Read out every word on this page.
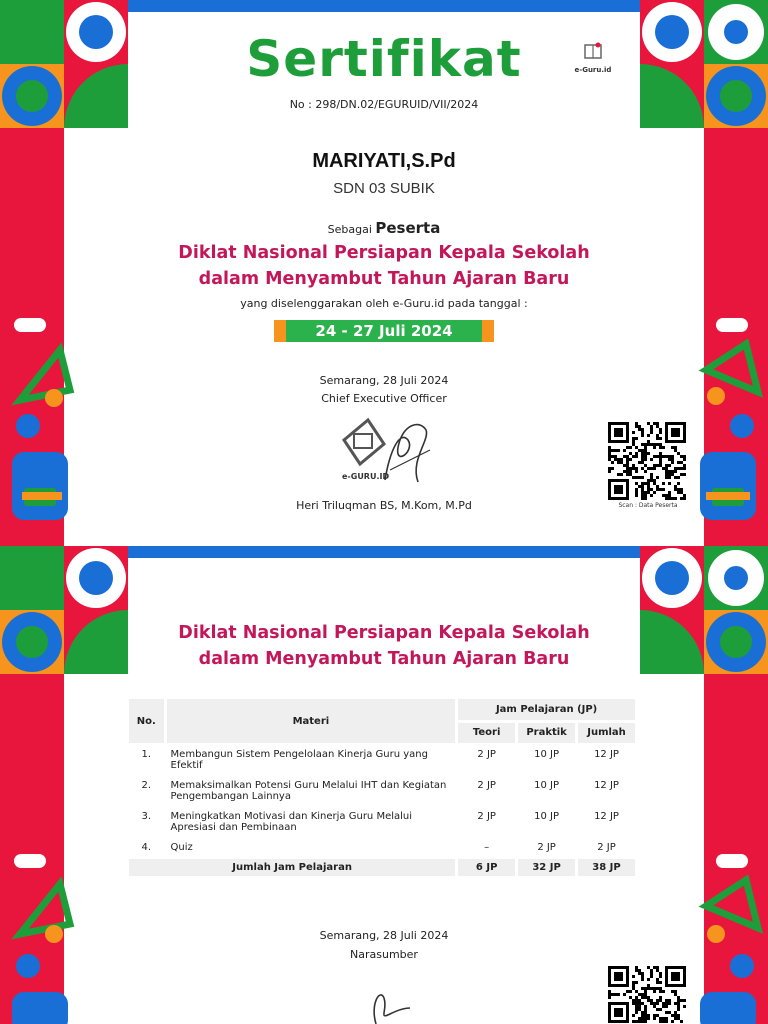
Sertifikat	e-Guru.id
No : 298/DN.02/EGURUID/VII/2024
MARIYATI,S.Pd
SDN 03 SUBIK
Sebagai Peserta
Diklat Nasional Persiapan Kepala Sekolah
dalam Menyambut Tahun Ajaran Baru
yang diselenggarakan oleh e-Guru.id pada tanggal :
24 - 27 Juli 2024
Semarang, 28 Juli 2024
Chief Executive Officer
e-GURU.ID
Heri Triluqman BS, M.Kom, M.Pd	Scan : Data Peserta
Diklat Nasional Persiapan Kepala Sekolah
dalam Menyambut Tahun Ajaran Baru
No.	Materi	Jam Pelajaran (JP)		
		Teori	Praktik	Jumlah
1.	Membangun Sistem Pengelolaan Kinerja Guru yang Efektif	2 JP	10 JP	12 JP
2.	Memaksimalkan Potensi Guru Melalui IHT dan Kegiatan Pengembangan Lainnya	2 JP	10 JP	12 JP
3.	Meningkatkan Motivasi dan Kinerja Guru Melalui Apresiasi dan Pembinaan	2 JP	10 JP	12 JP
4.	Quiz	–	2 JP	2 JP
Jumlah Jam Pelajaran		6 JP	32 JP	38 JP
Semarang, 28 Juli 2024
Narasumber
